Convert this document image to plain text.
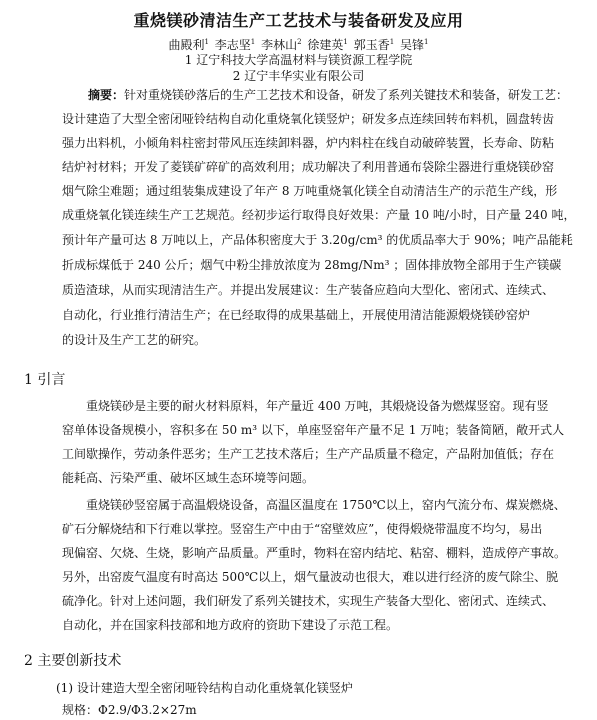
重烧镁砂清洁生产工艺技术与装备研发及应用
曲殿利$^1$ 李志坚$^1$ 李林山$^2$ 徐建英$^1$ 郭玉香$^1$ 吴锋$^1$
1 辽宁科技大学高温材料与镁资源工程学院
2 辽宁丰华实业有限公司
摘要：针对重烧镁砂落后的生产工艺技术和设备，研发了系列关键技术和装备，研发工艺：
设计建造了大型全密闭哑铃结构自动化重烧氧化镁竖炉；研发多点连续回转布料机，圆盘转齿
强力出料机，小倾角料柱密封带风压连续卸料器，炉内料柱在线自动破碎装置，长寿命、防粘
结炉衬材料；开发了菱镁矿碎矿的高效利用；成功解决了利用普通布袋除尘器进行重烧镁砂窑
烟气除尘难题；通过组装集成建设了年产 8 万吨重烧氧化镁全自动清洁生产的示范生产线，形
成重烧氧化镁连续生产工艺规范。经初步运行取得良好效果：产量 10 吨/小时，日产量 240 吨，
预计年产量可达 8 万吨以上，产品体积密度大于 3.20g/cm³ 的优质品率大于 90%；吨产品能耗
折成标煤低于 240 公斤；烟气中粉尘排放浓度为 28mg/Nm³ ；固体排放物全部用于生产镁碳
质造渣球，从而实现清洁生产。并提出发展建议：生产装备应趋向大型化、密闭式、连续式、
自动化，行业推行清洁生产；在已经取得的成果基础上，开展使用清洁能源煅烧镁砂窑炉
的设计及生产工艺的研究。
1 引言
重烧镁砂是主要的耐火材料原料，年产量近 400 万吨，其煅烧设备为燃煤竖窑。现有竖
窑单体设备规模小，容积多在 50 m³ 以下，单座竖窑年产量不足 1 万吨；装备简陋，敞开式人
工间歇操作，劳动条件恶劣；生产工艺技术落后；生产产品质量不稳定，产品附加值低；存在
能耗高、污染严重、破坏区域生态环境等问题。
重烧镁砂竖窑属于高温煅烧设备，高温区温度在 1750℃以上，窑内气流分布、煤炭燃烧、
矿石分解烧结和下行难以掌控。竖窑生产中由于“窑壁效应”，使得煅烧带温度不均匀，易出
现偏窑、欠烧、生烧，影响产品质量。严重时，物料在窑内结坨、粘窑、棚料，造成停产事故。
另外，出窑废气温度有时高达 500℃以上，烟气量波动也很大，难以进行经济的废气除尘、脱
硫净化。针对上述问题，我们研发了系列关键技术，实现生产装备大型化、密闭式、连续式、
自动化，并在国家科技部和地方政府的资助下建设了示范工程。
2 主要创新技术
(1) 设计建造大型全密闭哑铃结构自动化重烧氧化镁竖炉
规格：Φ2.9/Φ3.2×27m
